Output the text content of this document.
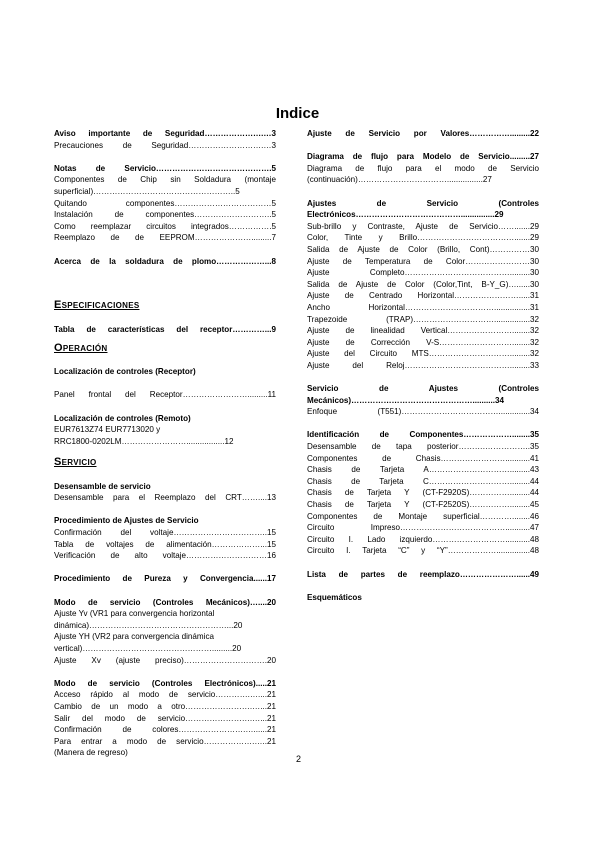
Indice

Aviso importante de Seguridad………………….…3

Precauciones de Seguridad……………………….…3

Notas de Servicio…………………………………….5

Componentes de Chip sin Soldadura (montaje

superficial)……………………………………………..5

Quitando componentes………………………………5

Instalación de componentes………………………..5

Como reemplazar circuitos integrados…………….5

Reemplazo de de EEPROM………………….........7

Acerca de la soldadura de plomo………………...8

Especificaciones

Tabla de características del receptor…………...9

Operación

Localización de controles (Receptor)

Panel frontal del Receptor…………………….........11

Localización de controles (Remoto)

EUR7613Z74 EUR7713020 y

RRC1800-0202LM…………………….................12

Servicio

Desensamble de servicio

Desensamble para el Reemplazo del CRT……....13

Procedimiento de Ajustes de Servicio

Confirmación del voltaje……………………………..15

Tabla de voltajes de alimentación………………...15

Verificación de alto voltaje…………………………16

Procedimiento de Pureza y Convergencia......17

Modo de servicio (Controles Mecánicos)…....20

Ajuste Yv (VR1 para convergencia horizontal

dinámica)……………………………………………...20

Ajuste YH (VR2 para convergencia dinámica

vertical)………………………………………….........20

Ajuste Xv (ajuste preciso)………………………….20

Modo de servicio (Controles Electrónicos).....21

Acceso rápido al modo de servicio………….…....21

Cambio de un modo a otro…………………….…...21

Salir del modo de servicio…………………….…...21

Confirmación de colores…………………….…......21

Para entrar a modo de servicio……………….…..21

(Manera de regreso)

Ajuste de Servicio por Valores…………….........22

Diagrama de flujo para Modelo de Servicio.........27

Diagrama de flujo para el modo de Servicio

(continuación)……………………………................27

Ajustes de Servicio (Controles

Electrónicos…………………………………...............29

Sub-brillo y Contraste, Ajuste de Servicio…….......29

Color, Tinte y Brillo……………………………….......29

Salida de Ajuste de Color (Brillo, Cont)……………30

Ajuste de Temperatura de Color……………………30

Ajuste Completo………………………………….........30

Salida de Ajuste de Color (Color,Tint, B-Y_G)…......30

Ajuste de Centrado Horizontal…………………….....31

Ancho Horizontal……………………………................31

Trapezoide (TRAP)…………………………................32

Ajuste de linealidad Vertical……………………........32

Ajuste de Corrección V-S………………………........32

Ajuste del Circuito MTS………………………….........32

Ajuste del Reloj………………………………….........33

Servicio de Ajustes (Controles

Mecánicos)………………………………………..........34

Enfoque (T551)………………………………..............34

Identificación de Componentes………………........35

Desensamble de tapa posterior……….……………..35

Componentes de Chasis……………………...........41

Chasis de Tarjeta A………………………….........43

Chasis de Tarjeta C………………………….........44

Chasis de Tarjeta Y (CT-F2920S)…………….........44

Chasis de Tarjeta Y (CT-F2520S)…………….........45

Componentes de Montaje superficial…………........46

Circuito Impreso…………………………………...........47

Circuito I. Lado izquierdo………………………...........48

Circuito I. Tarjeta “C” y “Y”………………...............48

Lista de partes de reemplazo…………………......49

Esquemáticos

2
